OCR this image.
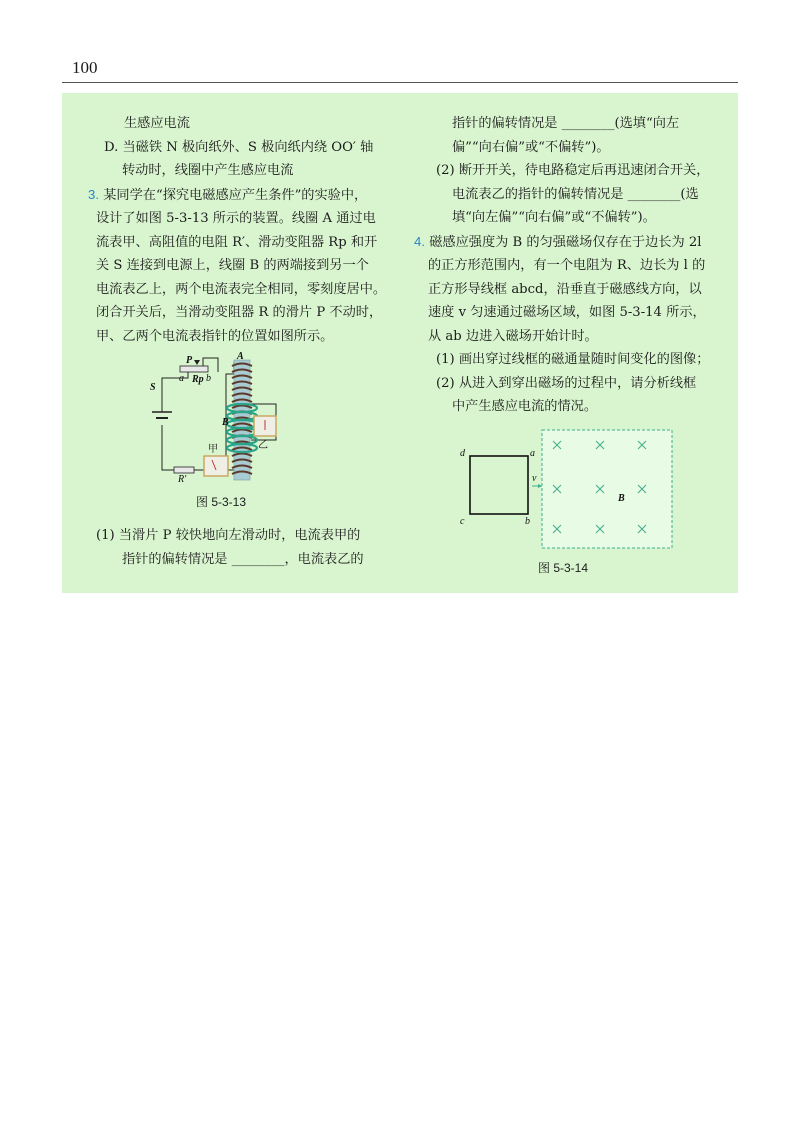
100
生感应电流
D. 当磁铁 N 极向纸外、S 极向纸内绕 OO′ 轴
转动时，线圈中产生感应电流
3. 某同学在“探究电磁感应产生条件”的实验中，
设计了如图 5-3-13 所示的装置。线圈 A 通过电
流表甲、高阻值的电阻 R′、滑动变阻器 Rp 和开
关 S 连接到电源上，线圈 B 的两端接到另一个
电流表乙上，两个电流表完全相同，零刻度居中。
闭合开关后，当滑动变阻器 R 的滑片 P 不动时，
甲、乙两个电流表指针的位置如图所示。
P
a Rp b
A
S
B
甲	乙
R′
图 5-3-13
(1) 当滑片 P 较快地向左滑动时，电流表甲的
指针的偏转情况是 ________，电流表乙的
指针的偏转情况是 ________(选填“向左
偏”“向右偏”或“不偏转”)。
(2) 断开开关，待电路稳定后再迅速闭合开关，
电流表乙的指针的偏转情况是 ________(选
填“向左偏”“向右偏”或“不偏转”)。
4. 磁感应强度为 B 的匀强磁场仅存在于边长为 2l
的正方形范围内，有一个电阻为 R、边长为 l 的
正方形导线框 abcd，沿垂直于磁感线方向，以
速度 v 匀速通过磁场区域，如图 5-3-14 所示，
从 ab 边进入磁场开始计时。
(1) 画出穿过线框的磁通量随时间变化的图像；
(2) 从进入到穿出磁场的过程中，请分析线框
中产生感应电流的情况。
d	a
c	b
v
B
图 5-3-14
